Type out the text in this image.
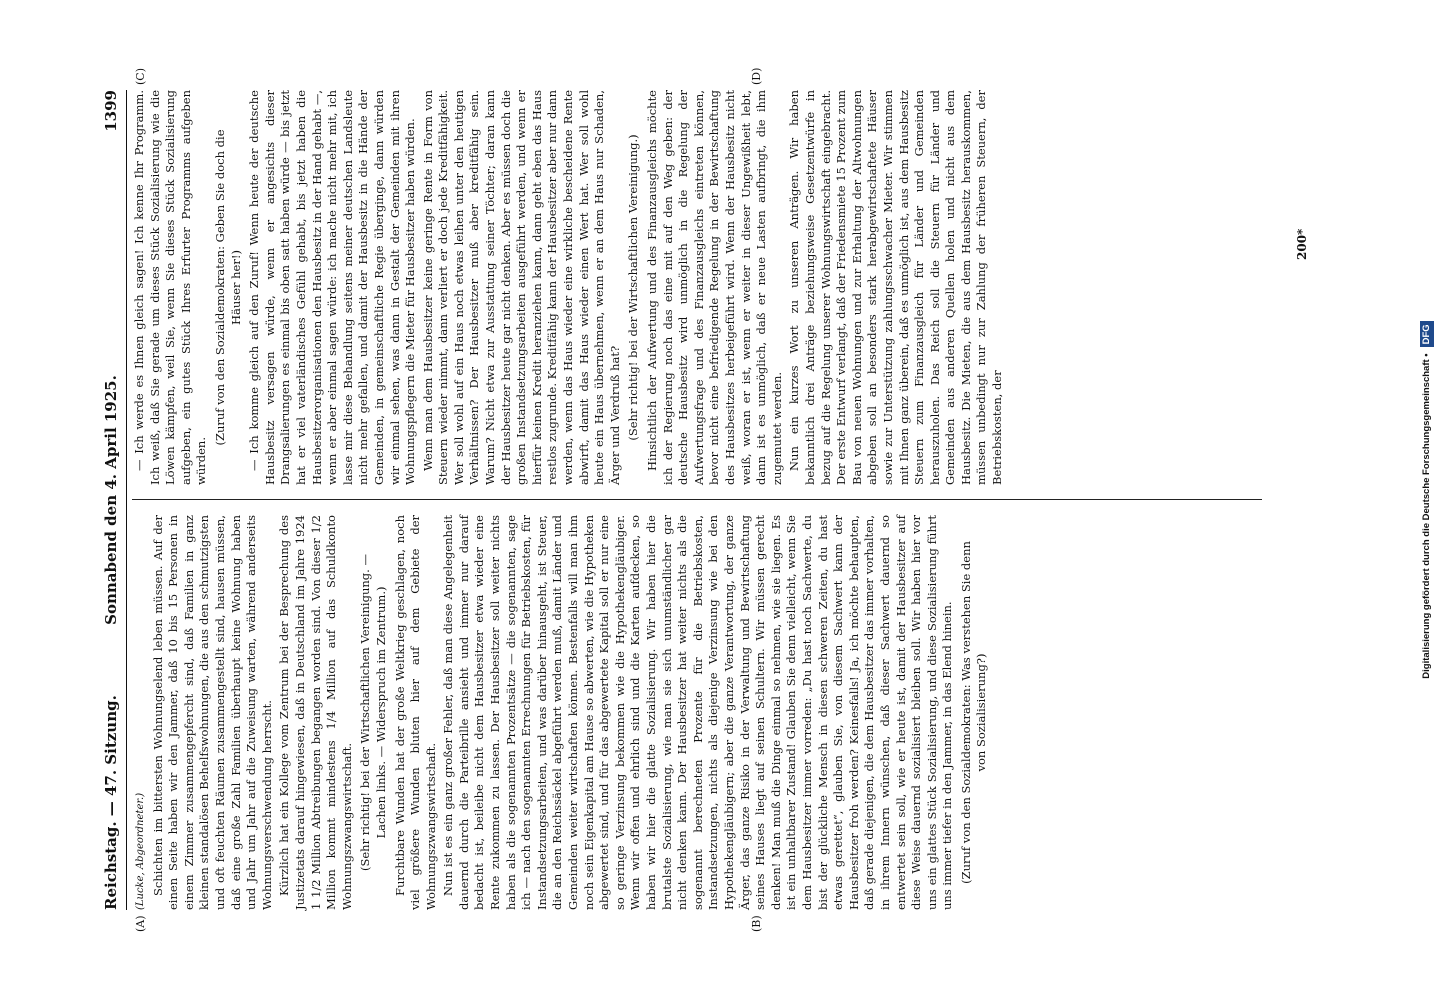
Reichstag. — 47. Sitzung.
Sonnabend den 4. April 1925.
1399
(A)	(B)
(C)	(D)

(Lucke, Abgeordneter.) Schichten im bittersten Wohnungselend leben müssen. Auf der einen Seite haben wir den Jammer, daß 10 bis 15 Personen in einem Zimmer zusammengepfercht sind, daß Familien in ganz kleinen standalösen Behelfswohnungen, die aus den schmutzigsten und oft feuchten Räumen zusammengestellt sind, hausen müssen, daß eine große Zahl Familien überhaupt keine Wohnung haben und Jahr um Jahr auf die Zuweisung warten, während anderseits Wohnungsverschwendung herrscht. Kürzlich hat ein Kollege vom Zentrum bei der Besprechung des Justizetats darauf hingewiesen, daß in Deutschland im Jahre 1924 1 1/2 Million Abtreibungen begangen worden sind. Von dieser 1/2 Million kommt mindestens 1/4 Million auf das Schuldkonto Wohnungszwangswirtschaft. (Sehr richtig! bei der Wirtschaftlichen Vereinigung. — Lachen links. — Widerspruch im Zentrum.) Furchtbare Wunden hat der große Weltkrieg geschlagen, noch viel größere Wunden bluten hier auf dem Gebiete der Wohnungszwangswirtschaft. Nun ist es ein ganz großer Fehler, daß man diese Angelegenheit dauernd durch die Parteibrille ansieht und immer nur darauf bedacht ist, beileibe nicht dem Hausbesitzer etwa wieder eine Rente zukommen zu lassen. Der Hausbesitzer soll weiter nichts haben als die sogenannten Prozentsätze — die sogenannten, sage ich — nach den sogenannten Errechnungen für Betriebskosten, für Instandsetzungsarbeiten, und was darüber hinausgeht, ist Steuer, die an den Reichssäckel abgeführt werden muß, damit Länder und Gemeinden weiter wirtschaften können. Bestenfalls will man ihm noch sein Eigenkapital am Hause so abwerten, wie die Hypotheken abgewertet sind, und für das abgewertete Kapital soll er nur eine so geringe Verzinsung bekommen wie die Hypothekengläubiger. Wenn wir offen und ehrlich sind und die Karten aufdecken, so haben wir hier die glatte Sozialisierung. Wir haben hier die brutalste Sozialisierung, wie man sie sich unumständlicher gar nicht denken kann. Der Hausbesitzer hat weiter nichts als die sogenannt berechneten Prozente für die Betriebskosten, Instandsetzungen, nichts als diejenige Verzinsung wie bei den Hypothekengläubigern; aber die ganze Verantwortung, der ganze Ärger, das ganze Risiko in der Verwaltung und Bewirtschaftung seines Hauses liegt auf seinen Schultern. Wir müssen gerecht denken! Man muß die Dinge einmal so nehmen, wie sie liegen. Es ist ein unhaltbarer Zustand! Glauben Sie denn vielleicht, wenn Sie dem Hausbesitzer immer vorreden: „Du hast noch Sachwerte, du bist der glückliche Mensch in diesen schweren Zeiten, du hast etwas gerettet“, glauben Sie, von diesem Sachwert kann der Hausbesitzer froh werden? Keinesfalls! Ja, ich möchte behaupten, daß gerade diejenigen, die dem Hausbesitzer das immer vorhalten, in ihrem Innern wünschen, daß dieser Sachwert dauernd so entwertet sein soll, wie er heute ist, damit der Hausbesitzer auf diese Weise dauernd sozialisiert bleiben soll. Wir haben hier vor uns ein glattes Stück Sozialisierung, und diese Sozialisierung führt uns immer tiefer in den Jammer, in das Elend hinein. (Zuruf von den Sozialdemokraten: Was verstehen Sie denn von Sozialisierung?)

— Ich werde es Ihnen gleich sagen! Ich kenne Ihr Programm. Ich weiß, daß Sie gerade um dieses Stück Sozialisierung wie die Löwen kämpfen, weil Sie, wenn Sie dieses Stück Sozialisierung aufgeben, ein gutes Stück Ihres Erfurter Programms aufgeben würden.

(Zuruf von den Sozialdemokraten: Geben Sie doch die Häuser her!) — Ich komme gleich auf den Zuruf! Wenn heute der deutsche Hausbesitz versagen würde, wenn er angesichts dieser Drangsalierungen es einmal bis oben satt haben würde — bis jetzt hat er viel vaterländisches Gefühl gehabt, bis jetzt haben die Hausbesitzerorganisationen den Hausbesitz in der Hand gehabt —, wenn er aber einmal sagen würde: ich mache nicht mehr mit, ich lasse mir diese Behandlung seitens meiner deutschen Landsleute nicht mehr gefallen, und damit der Hausbesitz in die Hände der Gemeinden, in gemeinschaftliche Regie überginge, dann würden wir einmal sehen, was dann in Gestalt der Gemeinden mit ihren Wohnungspflegern die Mieter für Hausbesitzer haben würden. Wenn man dem Hausbesitzer keine geringe Rente in Form von Steuern wieder nimmt, dann verliert er doch jede Kreditfähigkeit. Wer soll wohl auf ein Haus noch etwas leihen unter den heutigen Verhältnissen? Der Hausbesitzer muß aber kreditfähig sein. Warum? Nicht etwa zur Ausstattung seiner Töchter; daran kann der Hausbesitzer heute gar nicht denken. Aber es müssen doch die großen Instandsetzungsarbeiten ausgeführt werden, und wenn er hierfür keinen Kredit heranziehen kann, dann geht eben das Haus restlos zugrunde. Kreditfähig kann der Hausbesitzer aber nur dann werden, wenn das Haus wieder eine wirkliche bescheidene Rente abwirft, damit das Haus wieder einen Wert hat. Wer soll wohl heute ein Haus übernehmen, wenn er an dem Haus nur Schaden, Ärger und Verdruß hat? (Sehr richtig! bei der Wirtschaftlichen Vereinigung.) Hinsichtlich der Aufwertung und des Finanzausgleichs möchte ich der Regierung noch das eine mit auf den Weg geben: der deutsche Hausbesitz wird unmöglich in die Regelung der Aufwertungsfrage und des Finanzausgleichs eintreten können, bevor nicht eine befriedigende Regelung in der Bewirtschaftung des Hausbesitzes herbeigeführt wird. Wenn der Hausbesitz nicht weiß, woran er ist, wenn er weiter in dieser Ungewißheit lebt, dann ist es unmöglich, daß er neue Lasten aufbringt, die ihm zugemutet werden. Nun ein kurzes Wort zu unseren Anträgen. Wir haben bekanntlich drei Anträge beziehungsweise Gesetzentwürfe in bezug auf die Regelung unserer Wohnungswirtschaft eingebracht. Der erste Entwurf verlangt, daß der Friedensmiete 15 Prozent zum Bau von neuen Wohnungen und zur Erhaltung der Altwohnungen abgeben soll an besonders stark herabgewirtschaftete Häuser sowie zur Unterstützung zahlungsschwacher Mieter. Wir stimmen mit Ihnen ganz überein, daß es unmöglich ist, aus dem Hausbesitz Steuern zum Finanzausgleich für Länder und Gemeinden herauszuholen. Das Reich soll die Steuern für Länder und Gemeinden aus anderen Quellen holen und nicht aus dem Hausbesitz. Die Mieten, die aus dem Hausbesitz herauskommen, müssen unbedingt nur zur Zahlung der früheren Steuern, der Betriebskosten, der

200*
Digitalisierung gefördert durch die Deutsche Forschungsgemeinschaft •DFG
